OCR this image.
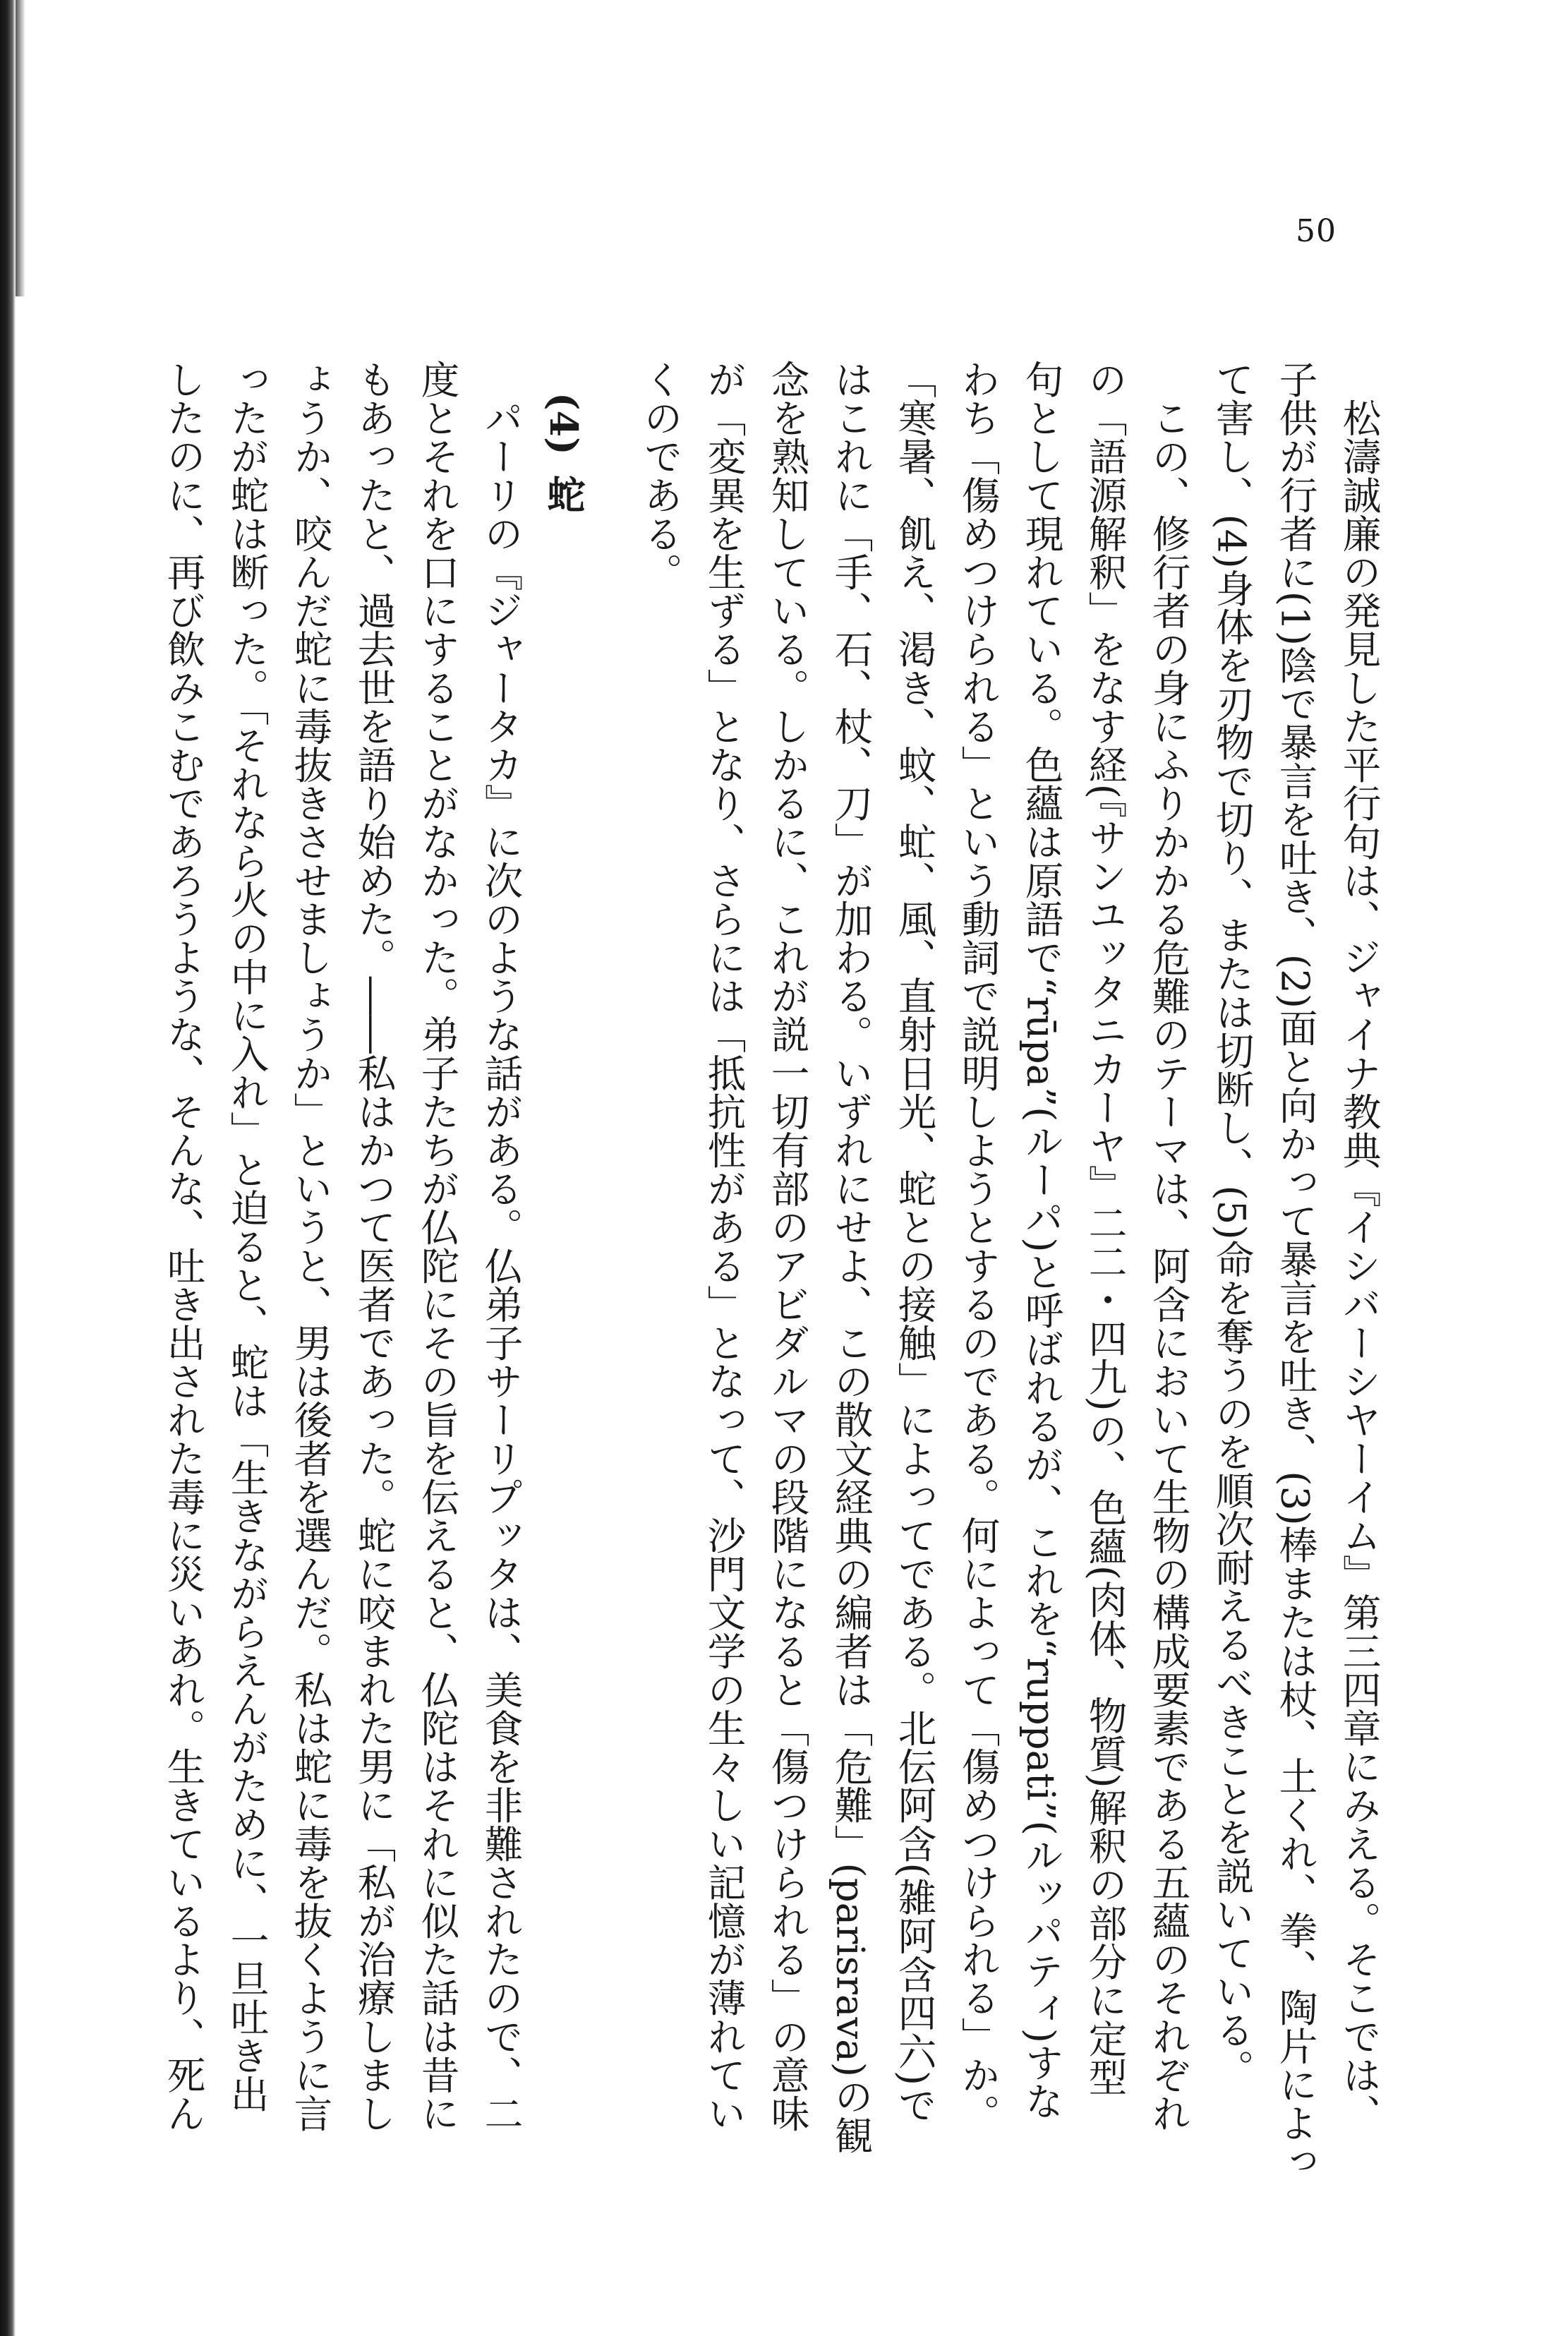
50
　松濤誠廉の発見した平行句は、ジャイナ教典『イシバーシヤーイム』第三四章にみえる。そこでは、
子供が行者に(1)陰で暴言を吐き、(2)面と向かって暴言を吐き、(3)棒または杖、土くれ、拳、陶片によっ
て害し、(4)身体を刃物で切り、または切断し、(5)命を奪うのを順次耐えるべきことを説いている。
　この、修行者の身にふりかかる危難のテーマは、阿含において生物の構成要素である五蘊のそれぞれ
の「語源解釈」をなす経(『サンユッタニカーヤ』二二・四九)の、色蘊(肉体、物質)解釈の部分に定型
句として現れている。色蘊は原語で“rūpa”(ルーパ)と呼ばれるが、これを“ruppati”(ルッパティ)すな
わち「傷めつけられる」という動詞で説明しようとするのである。何によって「傷めつけられる」か。
「寒暑、飢え、渇き、蚊、虻、風、直射日光、蛇との接触」によってである。北伝阿含(雑阿含四六)で
はこれに「手、石、杖、刀」が加わる。いずれにせよ、この散文経典の編者は「危難」(parisrava)の観
念を熟知している。しかるに、これが説一切有部のアビダルマの段階になると「傷つけられる」の意味
が「変異を生ずる」となり、さらには「抵抗性がある」となって、沙門文学の生々しい記憶が薄れてい
くのである。
(4)蛇
　パーリの『ジャータカ』に次のような話がある。仏弟子サーリプッタは、美食を非難されたので、二
度とそれを口にすることがなかった。弟子たちが仏陀にその旨を伝えると、仏陀はそれに似た話は昔に
もあったと、過去世を語り始めた。――私はかつて医者であった。蛇に咬まれた男に「私が治療しまし
ょうか、咬んだ蛇に毒抜きさせましょうか」というと、男は後者を選んだ。私は蛇に毒を抜くように言
ったが蛇は断った。「それなら火の中に入れ」と迫ると、蛇は「生きながらえんがために、一旦吐き出
したのに、再び飲みこむであろうような、そんな、吐き出された毒に災いあれ。生きているより、死ん
